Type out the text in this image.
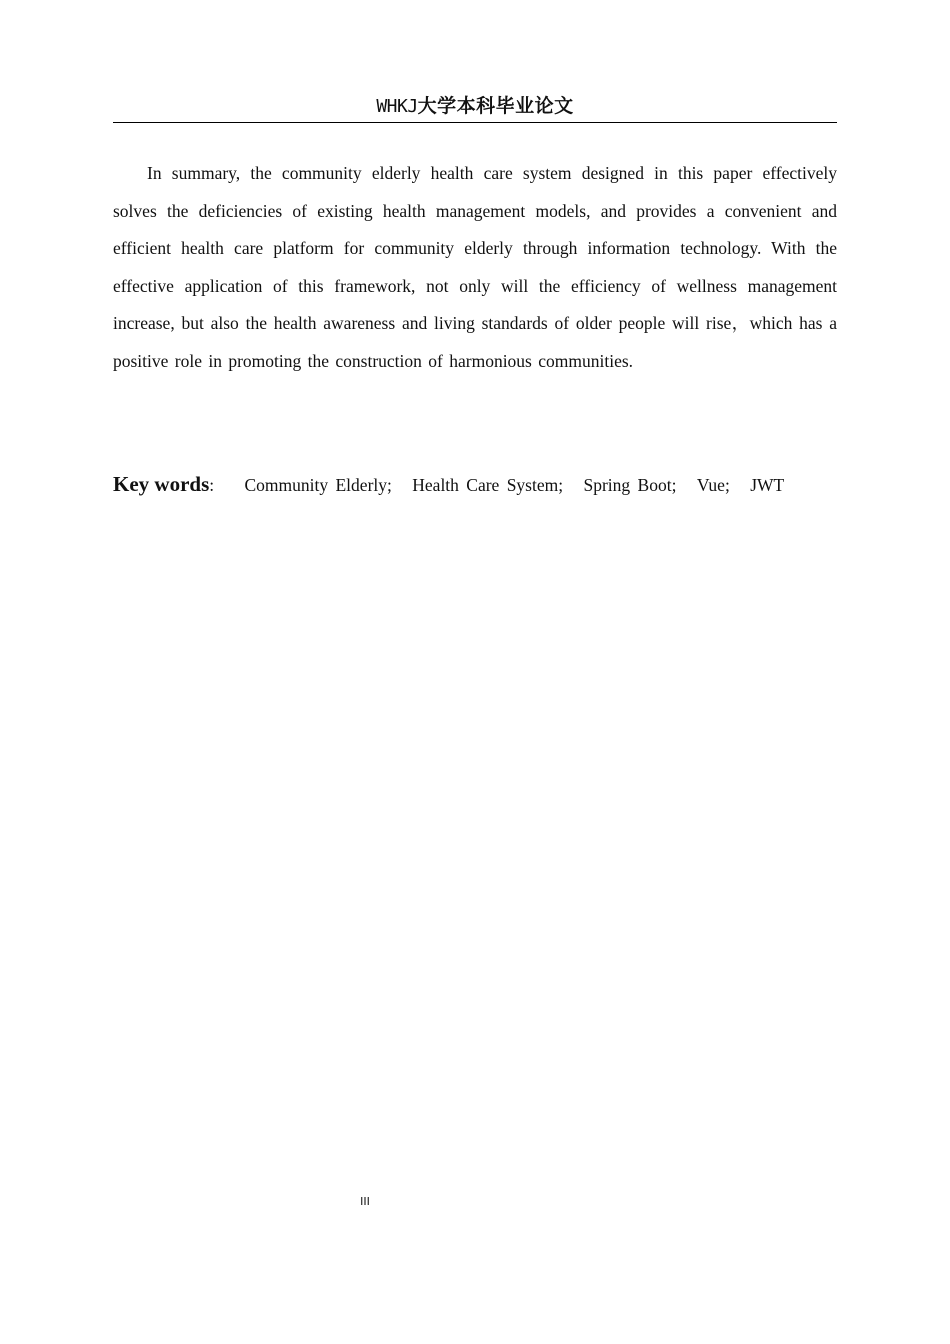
WHKJ大学本科毕业论文

In summary, the community elderly health care system designed in this paper effectively solves the deficiencies of existing health management models, and provides a convenient and efficient health care platform for community elderly through information technology. With the effective application of this framework, not only will the efficiency of wellness management increase, but also the health awareness and living standards of older people will rise，which has a positive role in promoting the construction of harmonious communities.

Key words: Community Elderly; Health Care System; Spring Boot; Vue; JWT
III
